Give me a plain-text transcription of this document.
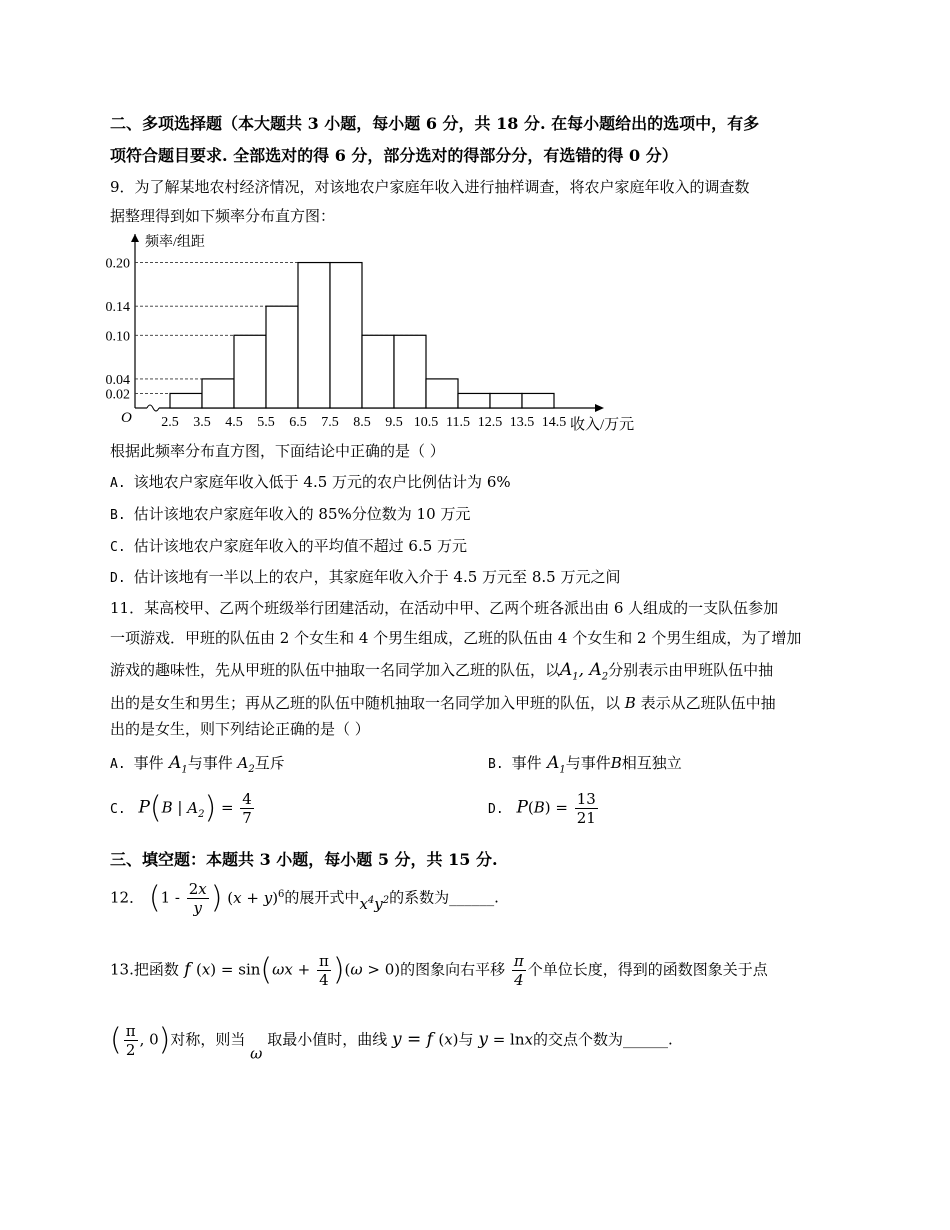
二、多项选择题（本大题共 3 小题，每小题 6 分，共 18 分. 在每小题给出的选项中，有多
项符合题目要求. 全部选对的得 6 分，部分选对的得部分分，有选错的得 0 分）
9．为了解某地农村经济情况，对该地农户家庭年收入进行抽样调查，将农户家庭年收入的调查数
据整理得到如下频率分布直方图：
O
频率/组距
收入/万元
0.02
0.04
0.10
0.14
0.20
2.5 3.5 4.5 5.5 6.5 7.5 8.5 9.5 10.5 11.5 12.5 13.5 14.5
根据此频率分布直方图，下面结论中正确的是（ ）
A. 该地农户家庭年收入低于 4.5 万元的农户比例估计为 6%
B. 估计该地农户家庭年收入的 85%分位数为 10 万元
C. 估计该地农户家庭年收入的平均值不超过 6.5 万元
D. 估计该地有一半以上的农户，其家庭年收入介于 4.5 万元至 8.5 万元之间
11．某高校甲、乙两个班级举行团建活动，在活动中甲、乙两个班各派出由 6 人组成的一支队伍参加
一项游戏．甲班的队伍由 2 个女生和 4 个男生组成，乙班的队伍由 4 个女生和 2 个男生组成，为了增加
游戏的趣味性，先从甲班的队伍中抽取一名同学加入乙班的队伍，以$A_1$, $A_2$分别表示由甲班队伍中抽
出的是女生和男生；再从乙班的队伍中随机抽取一名同学加入甲班的队伍，以 B 表示从乙班队伍中抽
出的是女生，则下列结论正确的是（ ）
A. 事件 $A_1$与事件 $A_2$互斥	B. 事件 $A_1$与事件B相互独立
C. P(B | $A_2) = \frac{4}{7}$	D. $P(B) = \frac{13}{21}$
三、填空题：本题共 3 小题，每小题 5 分，共 15 分.
12． ($1 - \frac{2x}{y}$ ) $(x + y)^6$的展开式中$x^4y^2$的系数为______.
13.把函数 f $(x) = \sin(\omega x + \frac{\pi}{4} )(\omega > 0)$的图象向右平移 $\frac{\pi}{4}$ 个单位长度，得到的函数图象关于点
( $\frac{\pi}{2}$ , 0)对称，则当 ω 取最小值时，曲线 y = f (x)与 y = lnx的交点个数为______.
